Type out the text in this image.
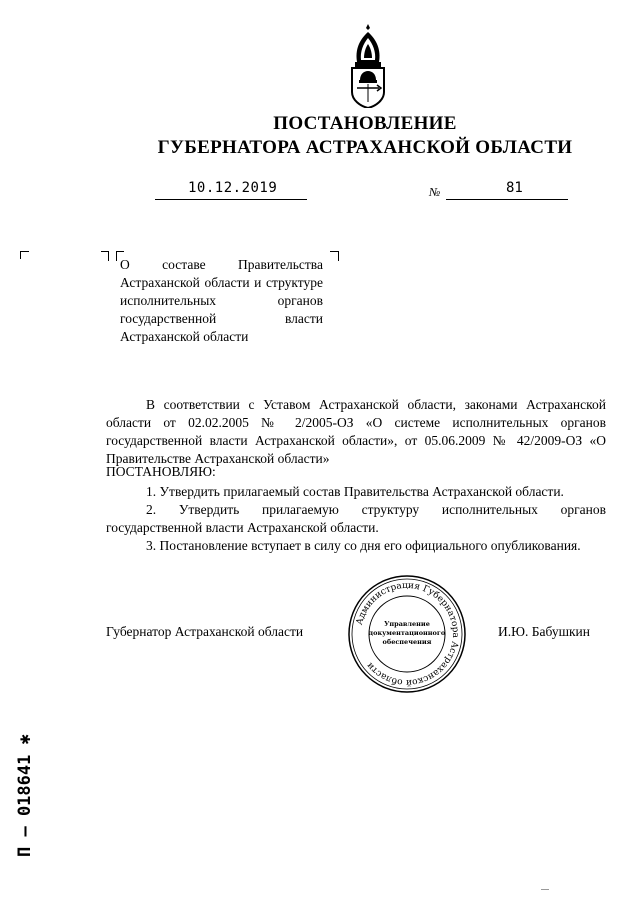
ПОСТАНОВЛЕНИЕ
ГУБЕРНАТОРА АСТРАХАНСКОЙ ОБЛАСТИ
10.12.2019	№	81
О составе Правительства Астраханской области и структуре исполнительных органов государственной власти Астраханской области
В соответствии с Уставом Астраханской области, законами Астраханской области от 02.02.2005 № 2/2005-ОЗ «О системе исполнительных органов государственной власти Астраханской области», от 05.06.2009 № 42/2009-ОЗ «О Правительстве Астраханской области»
ПОСТАНОВЛЯЮ:
1. Утвердить прилагаемый состав Правительства Астраханской области.
2. Утвердить прилагаемую структуру исполнительных органов государственной власти Астраханской области.
3. Постановление вступает в силу со дня его официального опубликования.
Губернатор Астраханской области
Администрация Губернатора Астраханской области
Управление
документационного
обеспечения
И.Ю. Бабушкин
П – 018641 ✱
